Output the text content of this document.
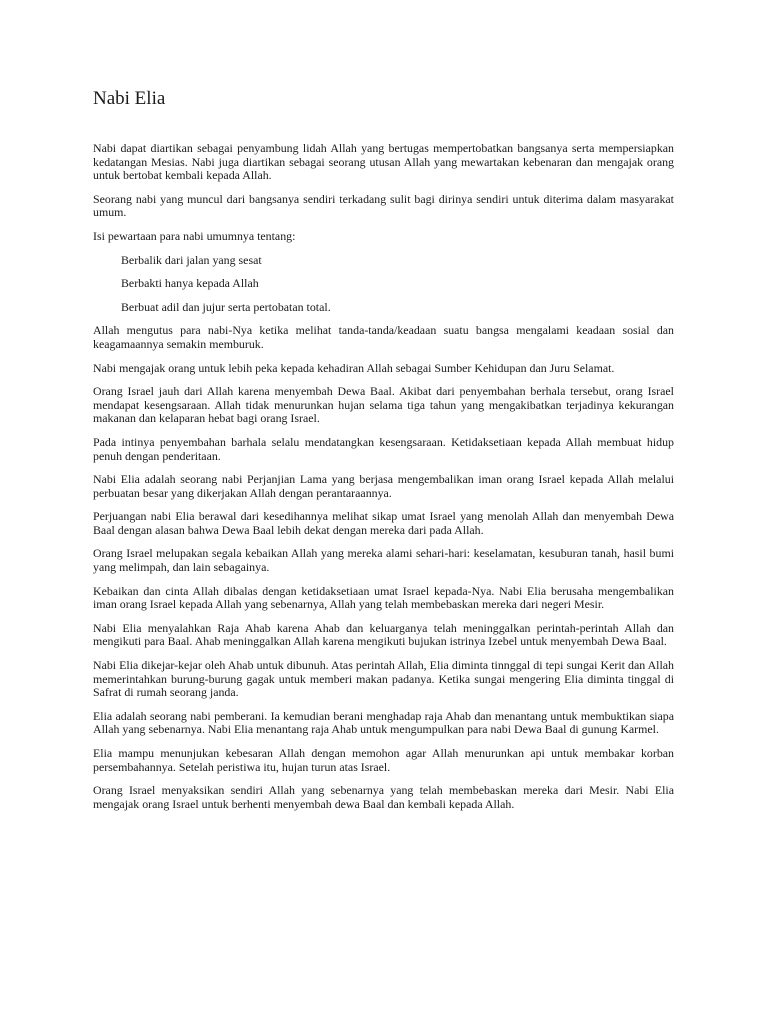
Nabi Elia

Nabi dapat diartikan sebagai penyambung lidah Allah yang bertugas mempertobatkan bangsanya serta mempersiapkan kedatangan Mesias. Nabi juga diartikan sebagai seorang utusan Allah yang mewartakan kebenaran dan mengajak orang untuk bertobat kembali kepada Allah.

Seorang nabi yang muncul dari bangsanya sendiri terkadang sulit bagi dirinya sendiri untuk diterima dalam masyarakat umum.

Isi pewartaan para nabi umumnya tentang:

Berbalik dari jalan yang sesat
Berbakti hanya kepada Allah
Berbuat adil dan jujur serta pertobatan total.

Allah mengutus para nabi-Nya ketika melihat tanda-tanda/keadaan suatu bangsa mengalami keadaan sosial dan keagamaannya semakin memburuk.

Nabi mengajak orang untuk lebih peka kepada kehadiran Allah sebagai Sumber Kehidupan dan Juru Selamat.

Orang Israel jauh dari Allah karena menyembah Dewa Baal. Akibat dari penyembahan berhala tersebut, orang Israel mendapat kesengsaraan. Allah tidak menurunkan hujan selama tiga tahun yang mengakibatkan terjadinya kekurangan makanan dan kelaparan hebat bagi orang Israel.

Pada intinya penyembahan barhala selalu mendatangkan kesengsaraan. Ketidaksetiaan kepada Allah membuat hidup penuh dengan penderitaan.

Nabi Elia adalah seorang nabi Perjanjian Lama yang berjasa mengembalikan iman orang Israel kepada Allah melalui perbuatan besar yang dikerjakan Allah dengan perantaraannya.

Perjuangan nabi Elia berawal dari kesedihannya melihat sikap umat Israel yang menolah Allah dan menyembah Dewa Baal dengan alasan bahwa Dewa Baal lebih dekat dengan mereka dari pada Allah.

Orang Israel melupakan segala kebaikan Allah yang mereka alami sehari-hari: keselamatan, kesuburan tanah, hasil bumi yang melimpah, dan lain sebagainya.

Kebaikan dan cinta Allah dibalas dengan ketidaksetiaan umat Israel kepada-Nya. Nabi Elia berusaha mengembalikan iman orang Israel kepada Allah yang sebenarnya, Allah yang telah membebaskan mereka dari negeri Mesir.

Nabi Elia menyalahkan Raja Ahab karena Ahab dan keluarganya telah meninggalkan perintah-perintah Allah dan mengikuti para Baal. Ahab meninggalkan Allah karena mengikuti bujukan istrinya Izebel untuk menyembah Dewa Baal.

Nabi Elia dikejar-kejar oleh Ahab untuk dibunuh. Atas perintah Allah, Elia diminta tinnggal di tepi sungai Kerit dan Allah memerintahkan burung-burung gagak untuk memberi makan padanya. Ketika sungai mengering Elia diminta tinggal di Safrat di rumah seorang janda.

Elia adalah seorang nabi pemberani. Ia kemudian berani menghadap raja Ahab dan menantang untuk membuktikan siapa Allah yang sebenarnya. Nabi Elia menantang raja Ahab untuk mengumpulkan para nabi Dewa Baal di gunung Karmel.

Elia mampu menunjukan kebesaran Allah dengan memohon agar Allah menurunkan api untuk membakar korban persembahannya. Setelah peristiwa itu, hujan turun atas Israel.

Orang Israel menyaksikan sendiri Allah yang sebenarnya yang telah membebaskan mereka dari Mesir. Nabi Elia mengajak orang Israel untuk berhenti menyembah dewa Baal dan kembali kepada Allah.
